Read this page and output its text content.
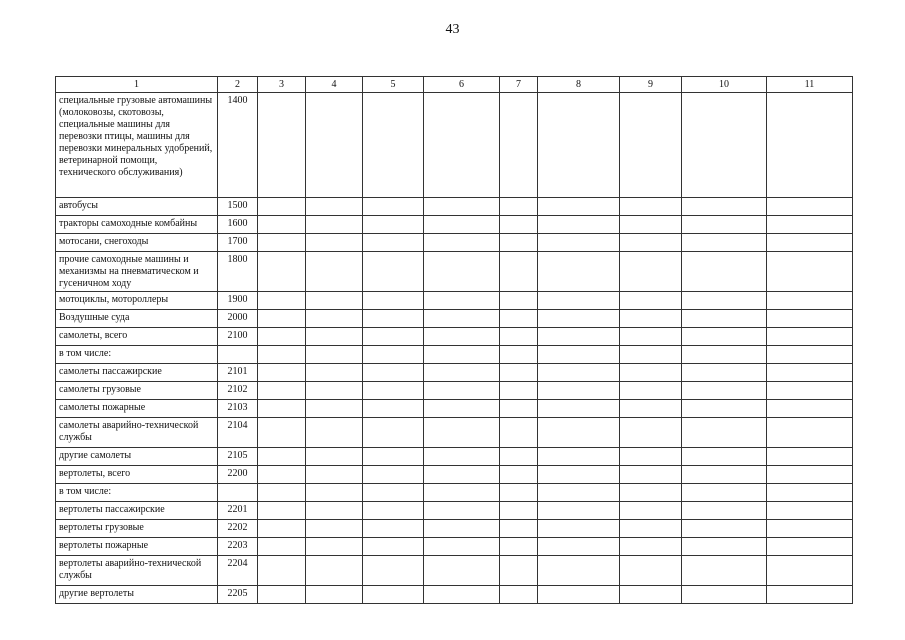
43
1	2	3	4	5	6	7	8	9	10	11
специальные грузовые автомашины (молоковозы, скотовозы, специальные машины для перевозки птицы, машины для перевозки минеральных удобрений, ветеринарной помощи, технического обслуживания)	1400									
автобусы	1500									
тракторы самоходные комбайны	1600									
мотосани, снегоходы	1700									
прочие самоходные машины и механизмы на пневматическом и гусеничном ходу	1800									
мотоциклы, мотороллеры	1900									
Воздушные суда	2000									
самолеты, всего	2100									
в том числе:										
самолеты пассажирские	2101									
самолеты грузовые	2102									
самолеты пожарные	2103									
самолеты аварийно-технической службы	2104									
другие самолеты	2105									
вертолеты, всего	2200									
в том числе:										
вертолеты пассажирские	2201									
вертолеты грузовые	2202									
вертолеты пожарные	2203									
вертолеты аварийно-технической службы	2204									
другие вертолеты	2205									
